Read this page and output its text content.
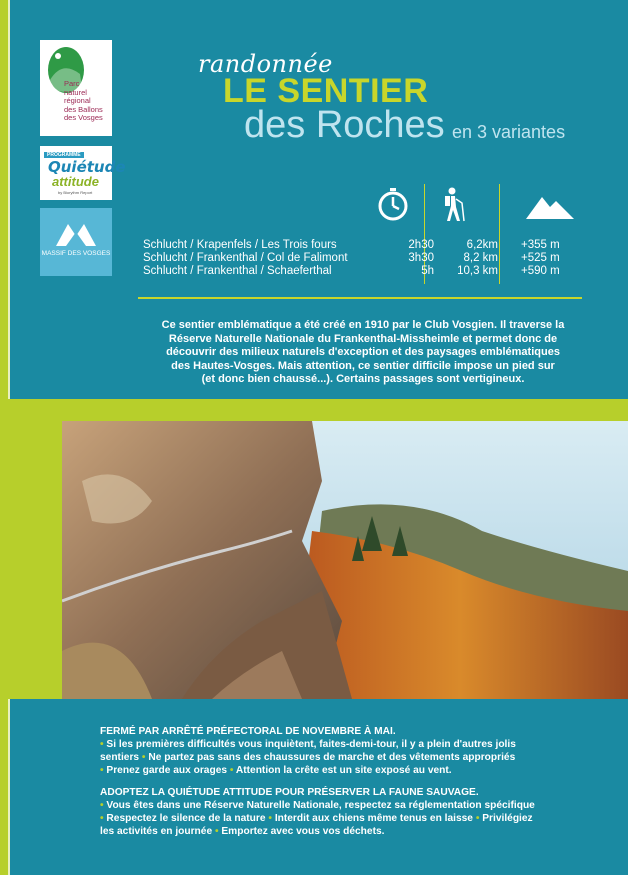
Parc
naturel
régional
des Ballons
des Vosges
PROGRAMME
Quiétude
attitude
by Biorythm Report
MASSIF DES VOSGES
randonnée
LE SENTIER
des Roches en 3 variantes
Schlucht / Krapenfels / Les Trois fours	2h30	6,2km	+355 m
Schlucht / Frankenthal / Col de Falimont	3h30	8,2 km	+525 m
Schlucht / Frankenthal / Schaeferthal	5h	10,3 km	+590 m
Ce sentier emblématique a été créé en 1910 par le Club Vosgien. Il traverse la
Réserve Naturelle Nationale du Frankenthal-Missheimle et permet donc de
découvrir des milieux naturels d'exception et des paysages emblématiques
des Hautes-Vosges. Mais attention, ce sentier difficile impose un pied sur
(et donc bien chaussé...). Certains passages sont vertigineux.
FERMÉ PAR ARRÊTÉ PRÉFECTORAL DE NOVEMBRE À MAI.
• Si les premières difficultés vous inquiètent, faites-demi-tour, il y a plein d'autres jolis
sentiers • Ne partez pas sans des chaussures de marche et des vêtements appropriés
• Prenez garde aux orages • Attention la crête est un site exposé au vent.
ADOPTEZ LA QUIÉTUDE ATTITUDE POUR PRÉSERVER LA FAUNE SAUVAGE.
• Vous êtes dans une Réserve Naturelle Nationale, respectez sa réglementation spécifique
• Respectez le silence de la nature • Interdit aux chiens même tenus en laisse • Privilégiez
les activités en journée • Emportez avec vous vos déchets.
